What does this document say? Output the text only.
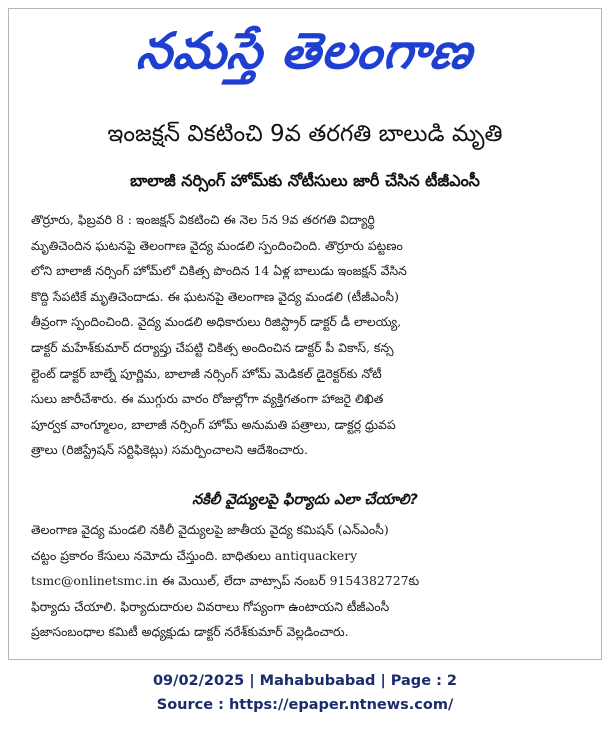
నమస్తే తెలంగాణ
ఇంజక్షన్ వికటించి 9వ తరగతి బాలుడి మృతి
బాలాజీ నర్సింగ్ హోమ్‌కు నోటీసులు జారీ చేసిన టీజీఎంసీ
తొర్రూరు, ఫిబ్రవరి 8 : ఇంజక్షన్ వికటించి ఈ నెల 5న 9వ తరగతి విద్యార్థి
మృతిచెందిన ఘటనపై తెలంగాణ వైద్య మండలి స్పందించింది. తొర్రూరు పట్టణం
లోని బాలాజీ నర్సింగ్ హోమ్‌లో చికిత్స పొందిన 14 ఏళ్ల బాలుడు ఇంజక్షన్ వేసిన
కొద్ది సేపటికే మృతిచెందాడు. ఈ ఘటనపై తెలంగాణ వైద్య మండలి (టీజీఎంసీ)
తీవ్రంగా స్పందించింది. వైద్య మండలి అధికారులు రిజిస్ట్రార్ డాక్టర్ డీ లాలయ్య,
డాక్టర్ మహేశ్‌కుమార్ దర్యాప్తు చేపట్టి చికిత్స అందించిన డాక్టర్ పీ వికాస్, కన్స
ల్టెంట్ డాక్టర్ బాల్నే పూర్ణిమ, బాలాజీ నర్సింగ్ హోమ్ మెడికల్ డైరెక్టర్‌కు నోటీ
సులు జారీచేశారు. ఈ ముగ్గురు వారం రోజుల్లోగా వ్యక్తిగతంగా హాజరై లిఖిత
పూర్వక వాంగ్మూలం, బాలాజీ నర్సింగ్ హోమ్ అనుమతి పత్రాలు, డాక్టర్ల ధ్రువప
త్రాలు (రిజిస్ట్రేషన్ సర్టిఫికెట్లు) సమర్పించాలని ఆదేశించారు.
నకిలీ వైద్యులపై ఫిర్యాదు ఎలా చేయాలి?
తెలంగాణ వైద్య మండలి నకిలీ వైద్యులపై జాతీయ వైద్య కమిషన్ (ఎన్ఎంసీ)
చట్టం ప్రకారం కేసులు నమోదు చేస్తుంది. బాధితులు antiquackery
tsmc@onlinetsmc.in ఈ మెయిల్, లేదా వాట్సాప్ నంబర్ 9154382727కు
ఫిర్యాదు చేయాలి. ఫిర్యాదుదారుల వివరాలు గోప్యంగా ఉంటాయని టీజీఎంసీ
ప్రజాసంబంధాల కమిటీ అధ్యక్షుడు డాక్టర్ నరేశ్‌కుమార్ వెల్లడించారు.
09/02/2025 | Mahabubabad | Page : 2
Source : https://epaper.ntnews.com/
